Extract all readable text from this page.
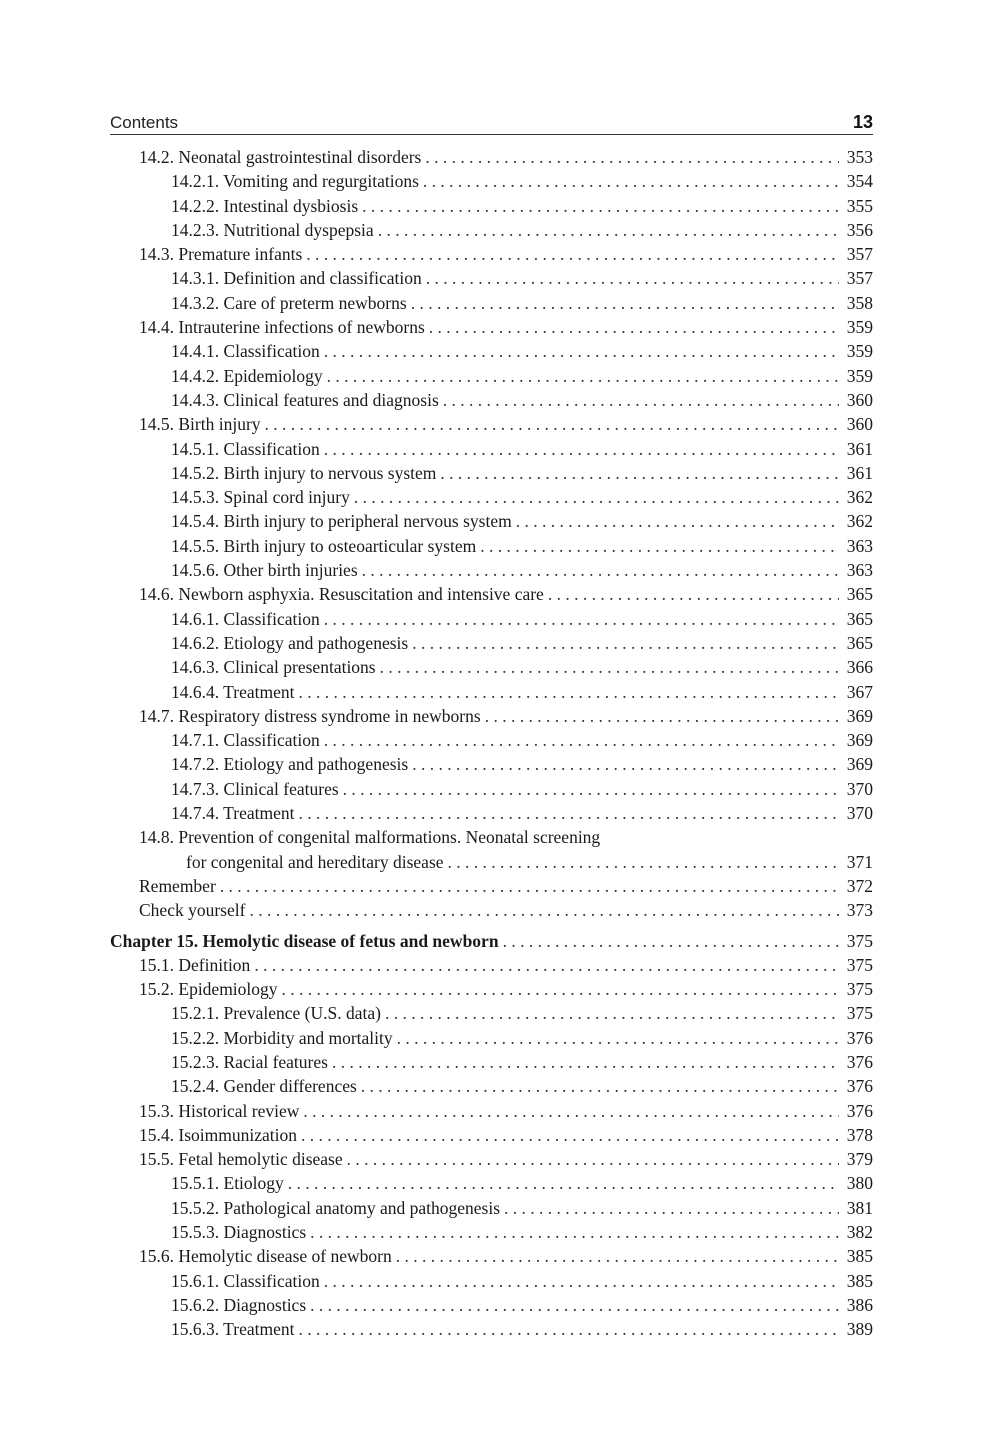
Contents	13
14.2. Neonatal gastrointestinal disorders . . .	353
14.2.1. Vomiting and regurgitations . . .	354
14.2.2. Intestinal dysbiosis . . .	355
14.2.3. Nutritional dyspepsia . . .	356
14.3. Premature infants . . .	357
14.3.1. Definition and classification . . .	357
14.3.2. Care of preterm newborns . . .	358
14.4. Intrauterine infections of newborns . . .	359
14.4.1. Classification . . .	359
14.4.2. Epidemiology . . .	359
14.4.3. Clinical features and diagnosis . . .	360
14.5. Birth injury . . .	360
14.5.1. Classification . . .	361
14.5.2. Birth injury to nervous system . . .	361
14.5.3. Spinal cord injury . . .	362
14.5.4. Birth injury to peripheral nervous system . . .	362
14.5.5. Birth injury to osteoarticular system . . .	363
14.5.6. Other birth injuries . . .	363
14.6. Newborn asphyxia. Resuscitation and intensive care . . .	365
14.6.1. Classification . . .	365
14.6.2. Etiology and pathogenesis . . .	365
14.6.3. Clinical presentations . . .	366
14.6.4. Treatment . . .	367
14.7. Respiratory distress syndrome in newborns . . .	369
14.7.1. Classification . . .	369
14.7.2. Etiology and pathogenesis . . .	369
14.7.3. Clinical features . . .	370
14.7.4. Treatment . . .	370
14.8. Prevention of congenital malformations. Neonatal screening
for congenital and hereditary disease . . .	371
Remember . . .	372
Check yourself . . .	373
Chapter 15. Hemolytic disease of fetus and newborn . . .	375
15.1. Definition . . .	375
15.2. Epidemiology . . .	375
15.2.1. Prevalence (U.S. data) . . .	375
15.2.2. Morbidity and mortality . . .	376
15.2.3. Racial features . . .	376
15.2.4. Gender differences . . .	376
15.3. Historical review . . .	376
15.4. Isoimmunization . . .	378
15.5. Fetal hemolytic disease . . .	379
15.5.1. Etiology . . .	380
15.5.2. Pathological anatomy and pathogenesis . . .	381
15.5.3. Diagnostics . . .	382
15.6. Hemolytic disease of newborn . . .	385
15.6.1. Classification . . .	385
15.6.2. Diagnostics . . .	386
15.6.3. Treatment . . .	389
